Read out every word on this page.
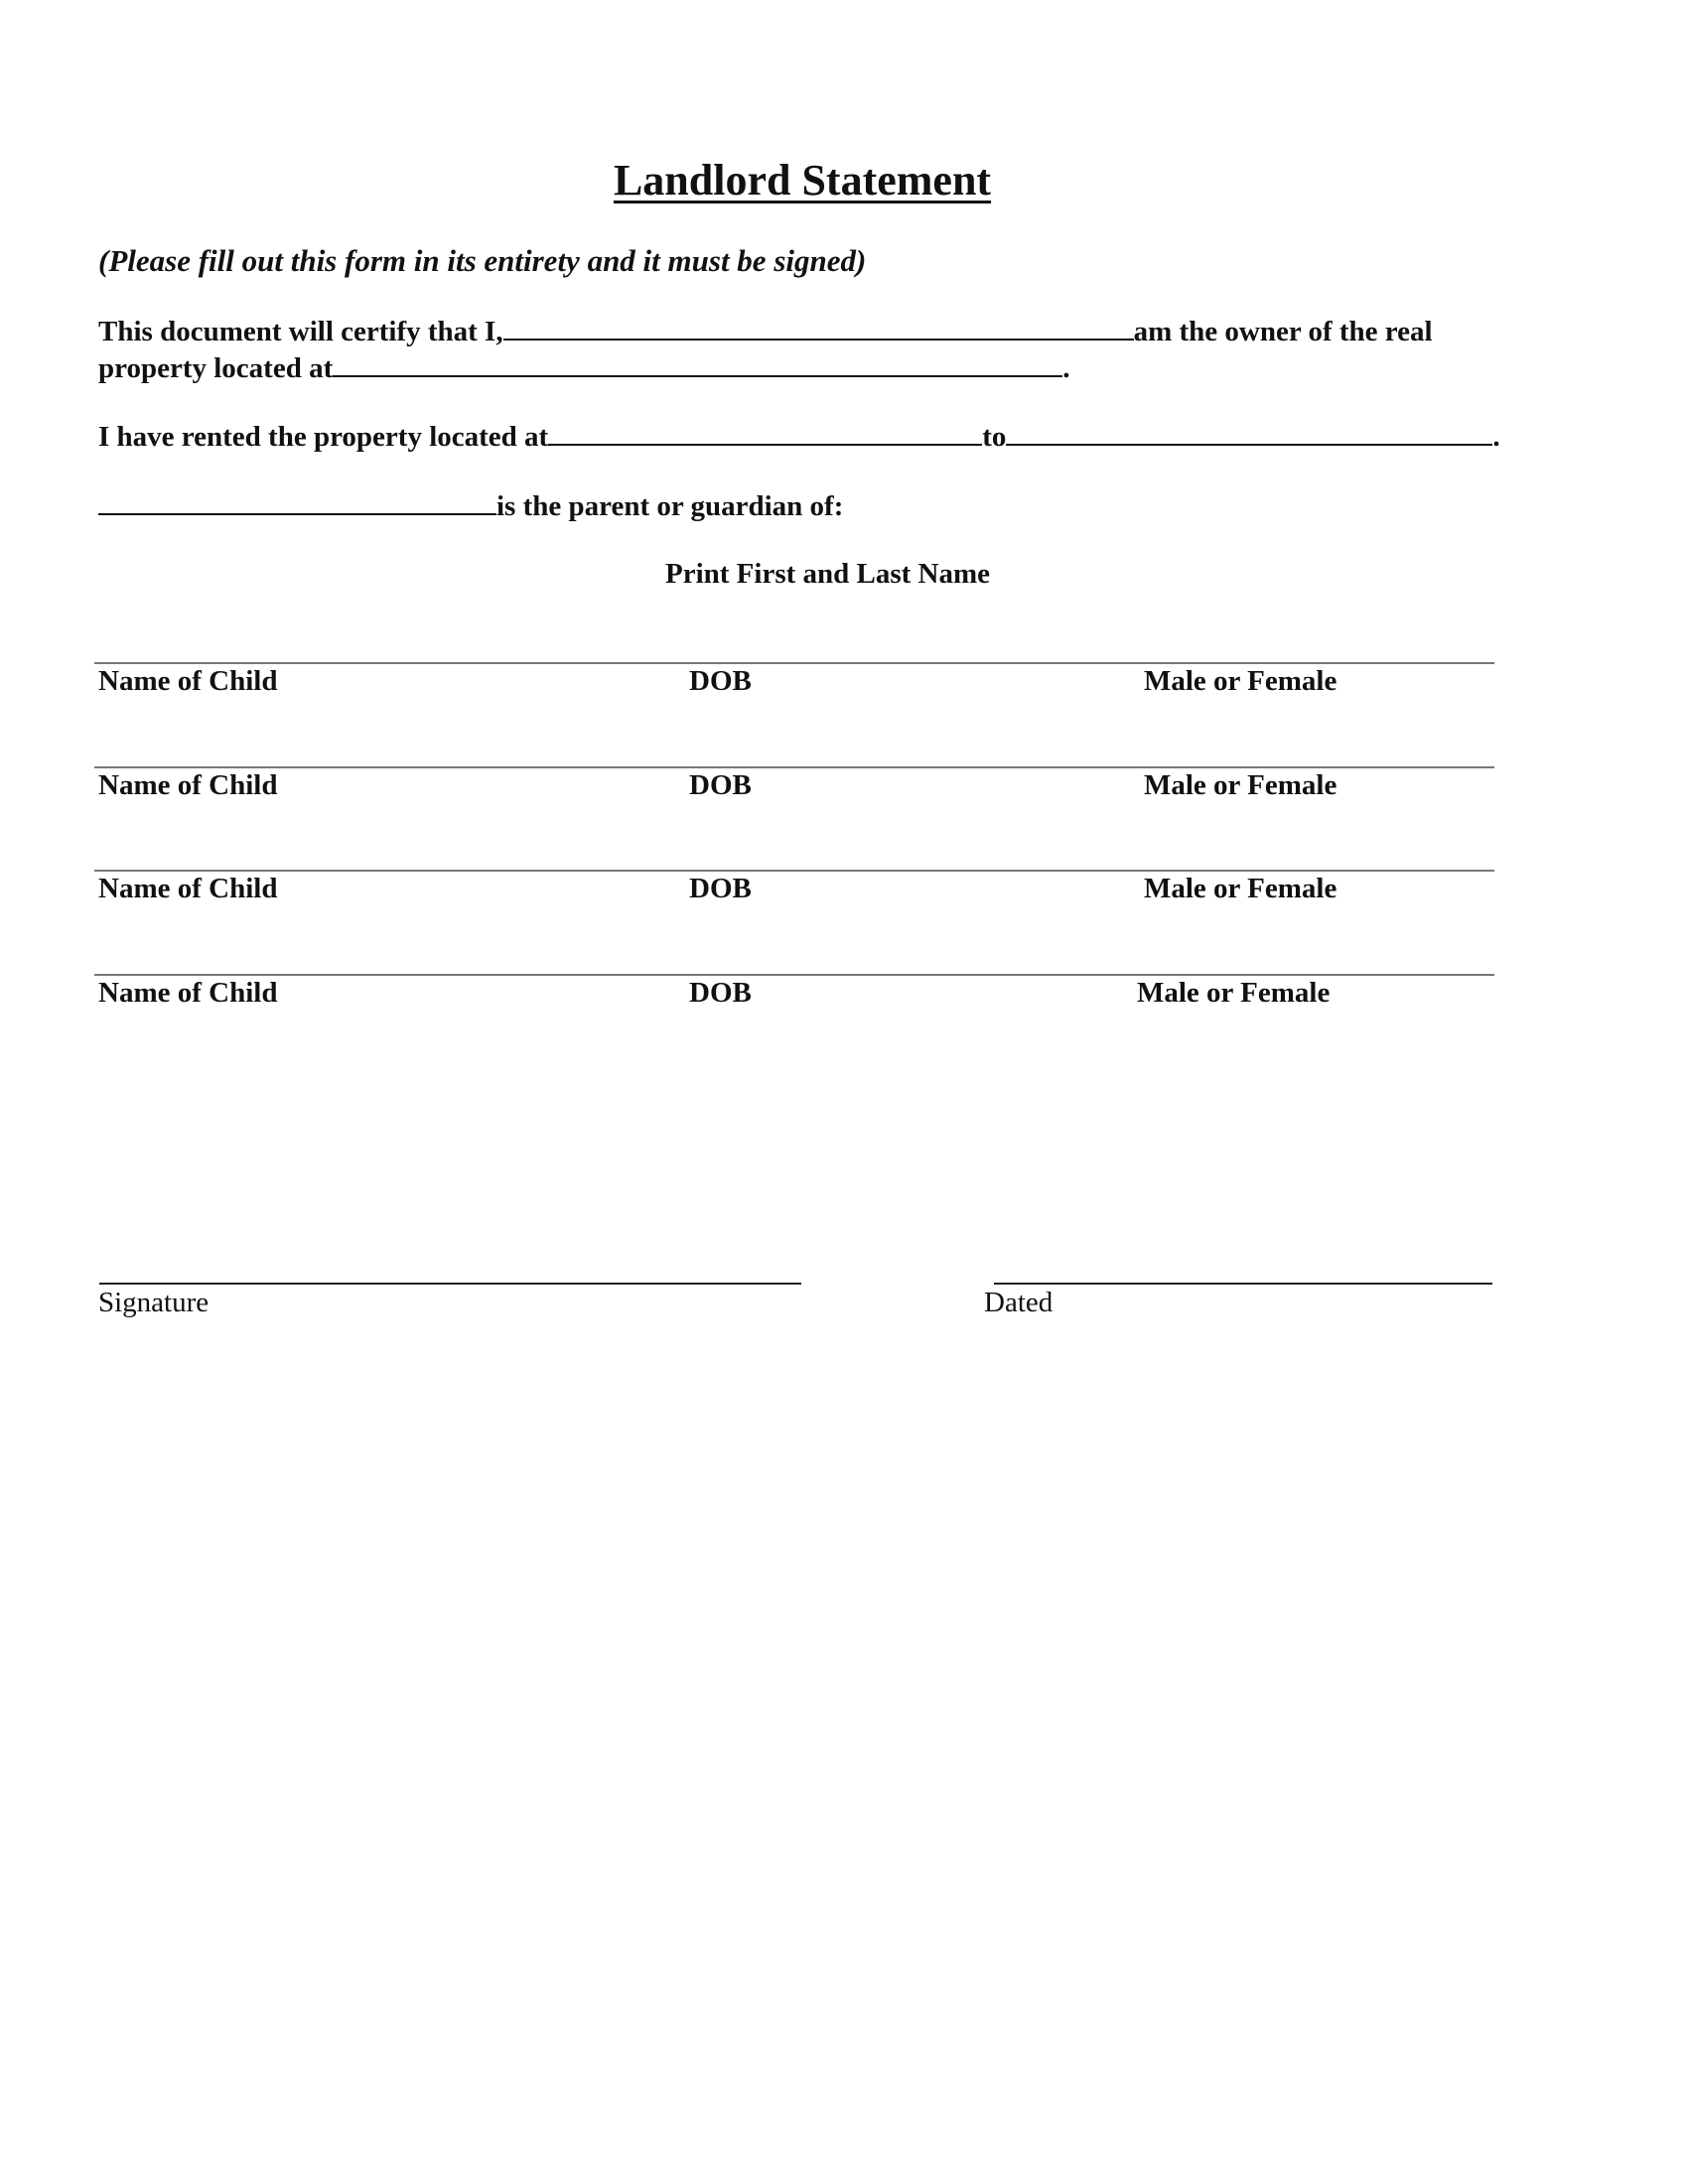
Landlord Statement
(Please fill out this form in its entirety and it must be signed)
This document will certify that I,	am the owner of the real
property located at	.
I have rented the property located at	to	.
is the parent or guardian of:
Print First and Last Name
Name of Child	DOB	Male or Female
Name of Child	DOB	Male or Female
Name of Child	DOB	Male or Female
Name of Child	DOB	Male or Female
Signature	Dated
